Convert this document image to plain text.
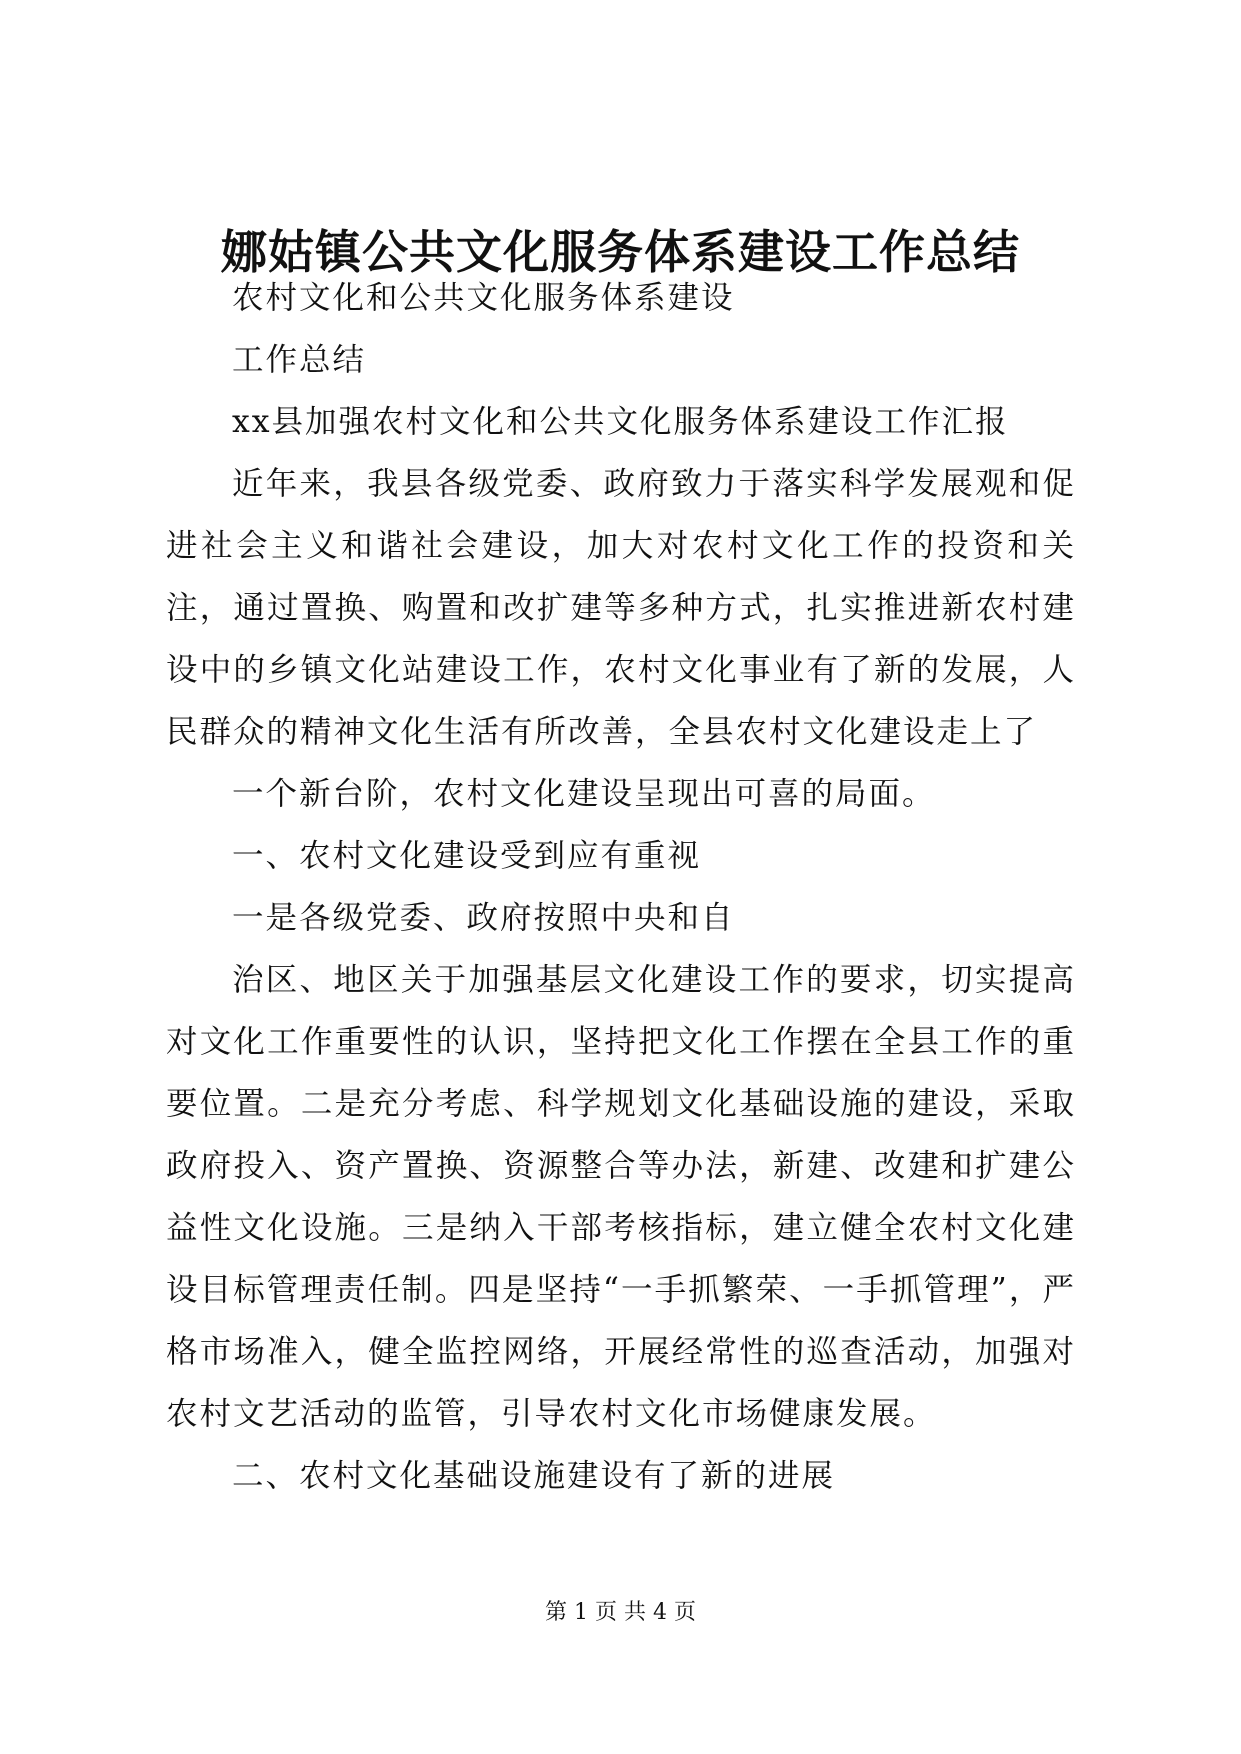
娜姑镇公共文化服务体系建设工作总结

农村文化和公共文化服务体系建设

工作总结

xx县加强农村文化和公共文化服务体系建设工作汇报

近年来，我县各级党委、政府致力于落实科学发展观和促进社会主义和谐社会建设，加大对农村文化工作的投资和关注，通过置换、购置和改扩建等多种方式，扎实推进新农村建设中的乡镇文化站建设工作，农村文化事业有了新的发展，人民群众的精神文化生活有所改善，全县农村文化建设走上了

一个新台阶，农村文化建设呈现出可喜的局面。

一、农村文化建设受到应有重视

一是各级党委、政府按照中央和自

治区、地区关于加强基层文化建设工作的要求，切实提高对文化工作重要性的认识，坚持把文化工作摆在全县工作的重要位置。二是充分考虑、科学规划文化基础设施的建设，采取政府投入、资产置换、资源整合等办法，新建、改建和扩建公益性文化设施。三是纳入干部考核指标，建立健全农村文化建设目标管理责任制。四是坚持“一手抓繁荣、一手抓管理”，严格市场准入，健全监控网络，开展经常性的巡查活动，加强对农村文艺活动的监管，引导农村文化市场健康发展。

二、农村文化基础设施建设有了新的进展

第 1 页 共 4 页
